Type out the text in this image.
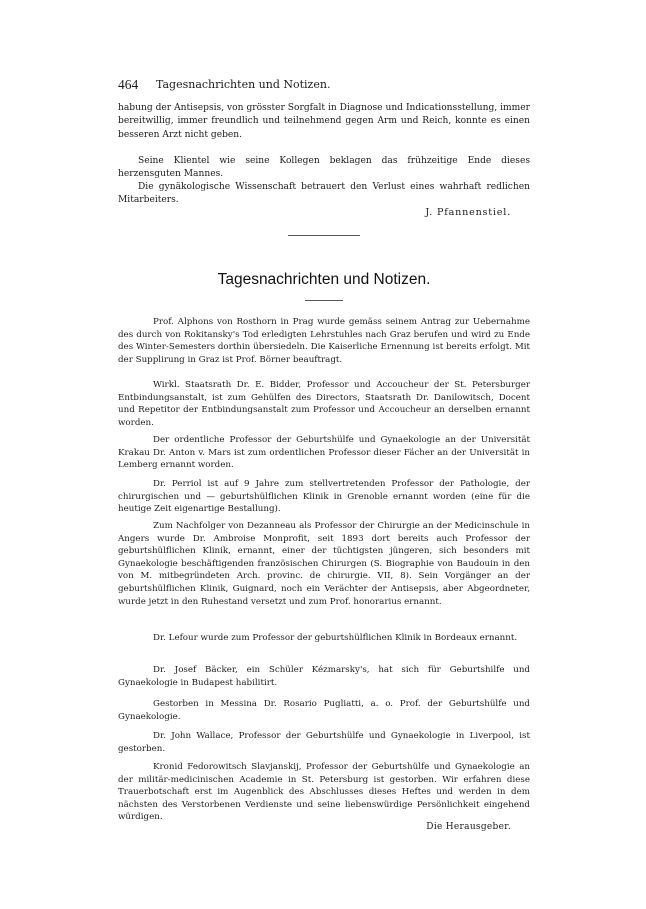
464 Tagesnachrichten und Notizen.

habung der Antisepsis, von grösster Sorgfalt in Diagnose und Indicationsstellung, immer bereitwillig, immer freundlich und teilnehmend gegen Arm und Reich, konnte es einen besseren Arzt nicht geben.

Seine Klientel wie seine Kollegen beklagen das frühzeitige Ende dieses herzensguten Mannes.

Die gynäkologische Wissenschaft betrauert den Verlust eines wahrhaft redlichen Mitarbeiters.

J. Pfannenstiel.
Tagesnachrichten und Notizen.

Prof. Alphons von Rosthorn in Prag wurde gemäss seinem Antrag zur Uebernahme des durch von Rokitansky's Tod erledigten Lehrstuhles nach Graz berufen und wird zu Ende des Winter-Semesters dorthin übersiedeln. Die Kaiserliche Ernennung ist bereits erfolgt. Mit der Supplirung in Graz ist Prof. Börner beauftragt.

Wirkl. Staatsrath Dr. E. Bidder, Professor und Accoucheur der St. Petersburger Entbindungsanstalt, ist zum Gehülfen des Directors, Staatsrath Dr. Danilowitsch, Docent und Repetitor der Entbindungsanstalt zum Professor und Accoucheur an derselben ernannt worden.

Der ordentliche Professor der Geburtshülfe und Gynaekologie an der Universität Krakau Dr. Anton v. Mars ist zum ordentlichen Professor dieser Fächer an der Universität in Lemberg ernannt worden.

Dr. Perriol ist auf 9 Jahre zum stellvertretenden Professor der Pathologie, der chirurgischen und — geburtshülflichen Klinik in Grenoble ernannt worden (eine für die heutige Zeit eigenartige Bestallung).

Zum Nachfolger von Dezanneau als Professor der Chirurgie an der Medicinschule in Angers wurde Dr. Ambroise Monprofit, seit 1893 dort bereits auch Professor der geburtshülflichen Klinik, ernannt, einer der tüchtigsten jüngeren, sich besonders mit Gynaekologie beschäftigenden französischen Chirurgen (S. Biographie von Baudouin in den von M. mitbegründeten Arch. provinc. de chirurgie. VII, 8). Sein Vorgänger an der geburtshülflichen Klinik, Guignard, noch ein Verächter der Antisepsis, aber Abgeordneter, wurde jetzt in den Ruhestand versetzt und zum Prof. honorarius ernannt.

Dr. Lefour wurde zum Professor der geburtshülflichen Klinik in Bordeaux ernannt.

Dr. Josef Bäcker, ein Schüler Kézmarsky's, hat sich für Geburtshilfe und Gynaekologie in Budapest habilitirt.

Gestorben in Messina Dr. Rosario Pugliatti, a. o. Prof. der Geburtshülfe und Gynaekologie.

Dr. John Wallace, Professor der Geburtshülfe und Gynaekologie in Liverpool, ist gestorben.

Kronid Fedorowitsch Slavjanskij, Professor der Geburtshülfe und Gynaekologie an der militär-medicinischen Academie in St. Petersburg ist gestorben. Wir erfahren diese Trauerbotschaft erst im Augenblick des Abschlusses dieses Heftes und werden in dem nächsten des Verstorbenen Verdienste und seine liebenswürdige Persönlichkeit eingehend würdigen.

Die Herausgeber.
